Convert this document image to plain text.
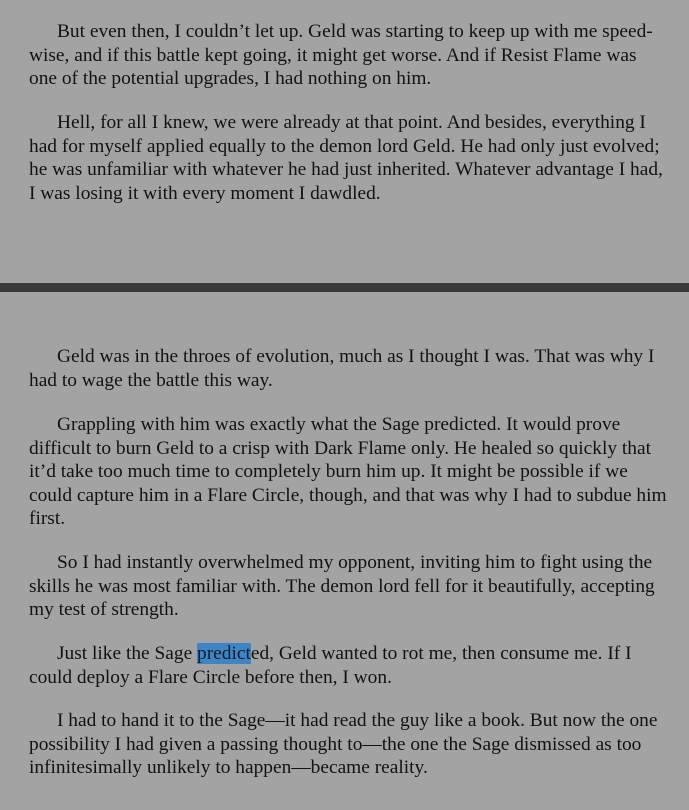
But even then, I couldn’t let up. Geld was starting to keep up with me speed-wise, and if this battle kept going, it might get worse. And if Resist Flame was one of the potential upgrades, I had nothing on him.

Hell, for all I knew, we were already at that point. And besides, everything I had for myself applied equally to the demon lord Geld. He had only just evolved; he was unfamiliar with whatever he had just inherited. Whatever advantage I had, I was losing it with every moment I dawdled.

Geld was in the throes of evolution, much as I thought I was. That was why I had to wage the battle this way.

Grappling with him was exactly what the Sage predicted. It would prove difficult to burn Geld to a crisp with Dark Flame only. He healed so quickly that it’d take too much time to completely burn him up. It might be possible if we could capture him in a Flare Circle, though, and that was why I had to subdue him first.

So I had instantly overwhelmed my opponent, inviting him to fight using the skills he was most familiar with. The demon lord fell for it beautifully, accepting my test of strength.

Just like the Sage predicted, Geld wanted to rot me, then consume me. If I could deploy a Flare Circle before then, I won.

I had to hand it to the Sage—it had read the guy like a book. But now the one possibility I had given a passing thought to—the one the Sage dismissed as too infinitesimally unlikely to happen—became reality.
